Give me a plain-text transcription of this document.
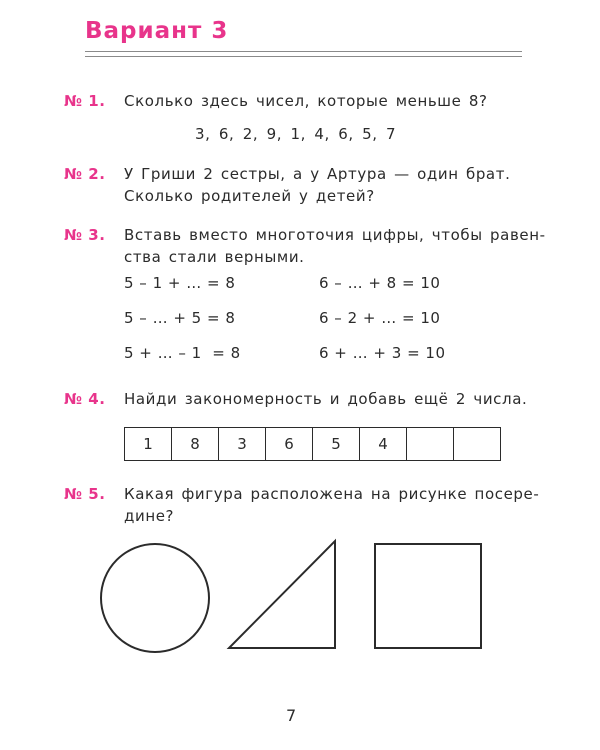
Вариант 3
№ 1. Сколько здесь чисел, которые меньше 8?
3, 6, 2, 9, 1, 4, 6, 5, 7
№ 2. У Гриши 2 сестры, а у Артура — один брат.
Сколько родителей у детей?
№ 3. Вставь вместо многоточия цифры, чтобы равен-
ства стали верными.
5 – 1 + … = 8
5 – … + 5 = 8
5 + … – 1  = 8
6 – … + 8 = 10
6 – 2 + … = 10
6 + … + 3 = 10
№ 4. Найди закономерность и добавь ещё 2 числа.
1	8	3	6	5	4		
№ 5. Какая фигура расположена на рисунке посере-
дине?
7
